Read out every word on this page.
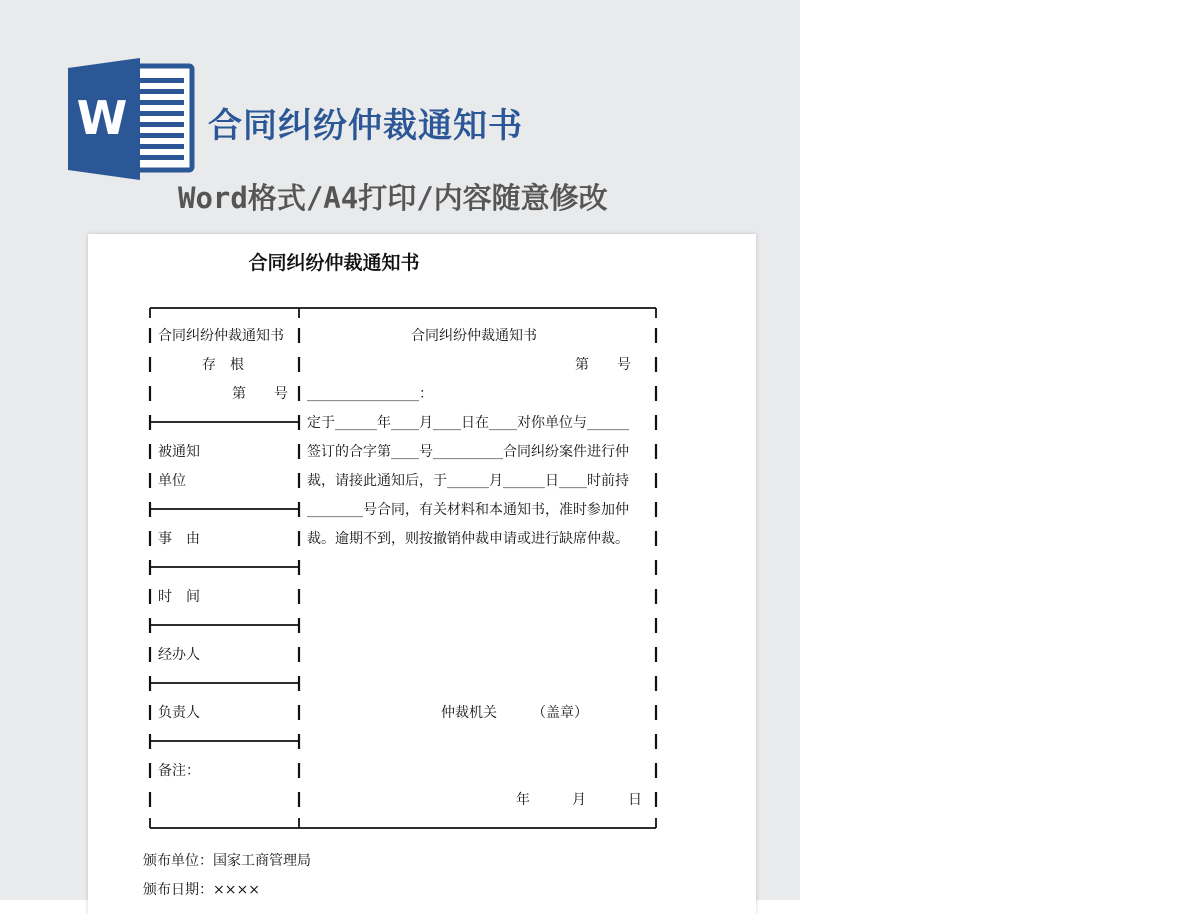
W 合同纠纷仲裁通知书
Word格式/A4打印/内容随意修改
合同纠纷仲裁通知书
合同纠纷仲裁通知书
存　根
第　　号
被通知
单位
事　由
时　间
经办人
负责人
备注：
合同纠纷仲裁通知书
第　　号
________________：
定于______年____月____日在____对你单位与______
签订的合字第____号__________合同纠纷案件进行仲
裁，请接此通知后，于______月______日____时前持
________号合同，有关材料和本通知书，准时参加仲
裁。逾期不到，则按撤销仲裁申请或进行缺席仲裁。
仲裁机关　　　（盖章）
年　　　月　　　日
颁布单位：国家工商管理局
颁布日期：××××
